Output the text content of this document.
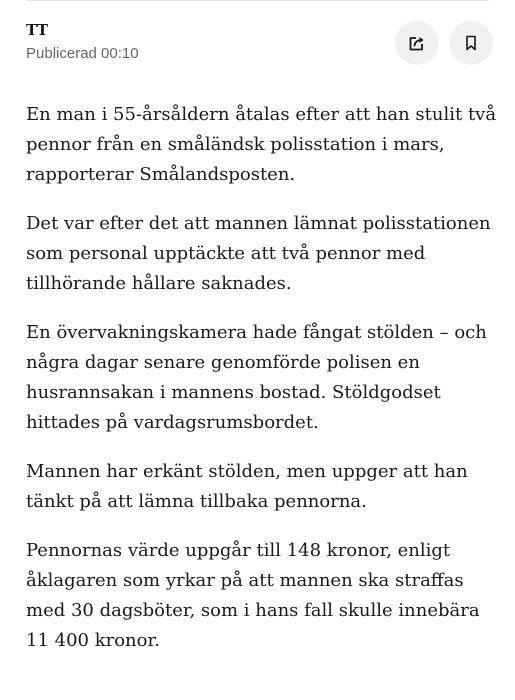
TT
Publicerad 00:10

En man i 55-årsåldern åtalas efter att han stulit två pennor från en småländsk polisstation i mars, rapporterar Smålandsposten.

Det var efter det att mannen lämnat polisstationen som personal upptäckte att två pennor med tillhörande hållare saknades.

En övervakningskamera hade fångat stölden – och några dagar senare genomförde polisen en husrannsakan i mannens bostad. Stöldgodset hittades på vardagsrumsbordet.

Mannen har erkänt stölden, men uppger att han tänkt på att lämna tillbaka pennorna.

Pennornas värde uppgår till 148 kronor, enligt åklagaren som yrkar på att mannen ska straffas med 30 dagsböter, som i hans fall skulle innebära 11 400 kronor.
